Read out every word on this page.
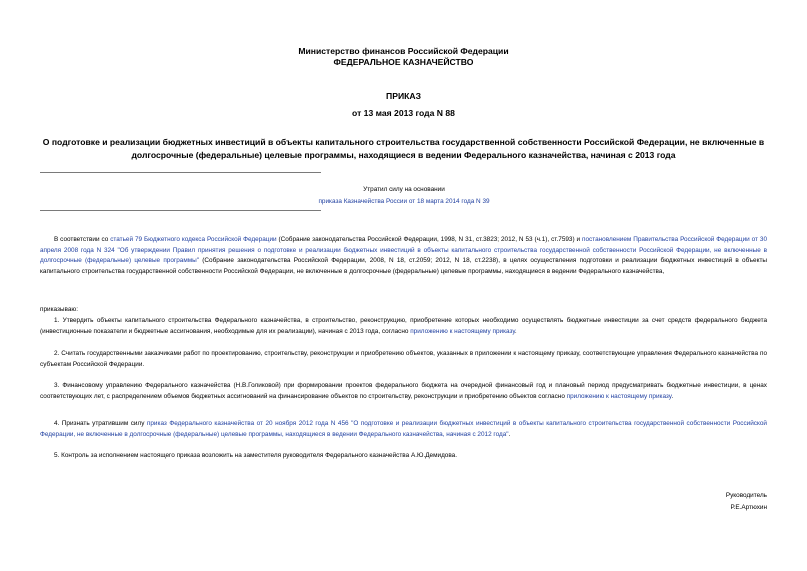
Министерство финансов Российской Федерации

ФЕДЕРАЛЬНОЕ КАЗНАЧЕЙСТВО

ПРИКАЗ

от 13 мая 2013 года N 88

О подготовке и реализации бюджетных инвестиций в объекты капитального строительства государственной собственности Российской Федерации, не включенные в долгосрочные (федеральные) целевые программы, находящиеся в ведении Федерального казначейства, начиная с 2013 года

Утратил силу на основании
приказа Казначейства России от 18 марта 2014 года N 39

В соответствии со статьей 79 Бюджетного кодекса Российской Федерации (Собрание законодательства Российской Федерации, 1998, N 31, ст.3823; 2012, N 53 (ч.1), ст.7593) и постановлением Правительства Российской Федерации от 30 апреля 2008 года N 324 "Об утверждении Правил принятия решения о подготовке и реализации бюджетных инвестиций в объекты капитального строительства государственной собственности Российской Федерации, не включенные в долгосрочные (федеральные) целевые программы" (Собрание законодательства Российской Федерации, 2008, N 18, ст.2059; 2012, N 18, ст.2238), в целях осуществления подготовки и реализации бюджетных инвестиций в объекты капитального строительства государственной собственности Российской Федерации, не включенные в долгосрочные (федеральные) целевые программы, находящиеся в ведении Федерального казначейства,

приказываю:

1. Утвердить объекты капитального строительства Федерального казначейства, в строительство, реконструкцию, приобретение которых необходимо осуществлять бюджетные инвестиции за счет средств федерального бюджета (инвестиционные показатели и бюджетные ассигнования, необходимые для их реализации), начиная с 2013 года, согласно приложению к настоящему приказу.

2. Считать государственными заказчиками работ по проектированию, строительству, реконструкции и приобретению объектов, указанных в приложении к настоящему приказу, соответствующие управления Федерального казначейства по субъектам Российской Федерации.

3. Финансовому управлению Федерального казначейства (Н.В.Голиковой) при формировании проектов федерального бюджета на очередной финансовый год и плановый период предусматривать бюджетные инвестиции, в ценах соответствующих лет, с распределением объемов бюджетных ассигнований на финансирование объектов по строительству, реконструкции и приобретению объектов согласно приложению к настоящему приказу.

4. Признать утратившим силу приказ Федерального казначейства от 20 ноября 2012 года N 456 "О подготовке и реализации бюджетных инвестиций в объекты капитального строительства государственной собственности Российской Федерации, не включенные в долгосрочные (федеральные) целевые программы, находящиеся в ведении Федерального казначейства, начиная с 2012 года".

5. Контроль за исполнением настоящего приказа возложить на заместителя руководителя Федерального казначейства А.Ю.Демидова.

Руководитель
Р.Е.Артюхин
